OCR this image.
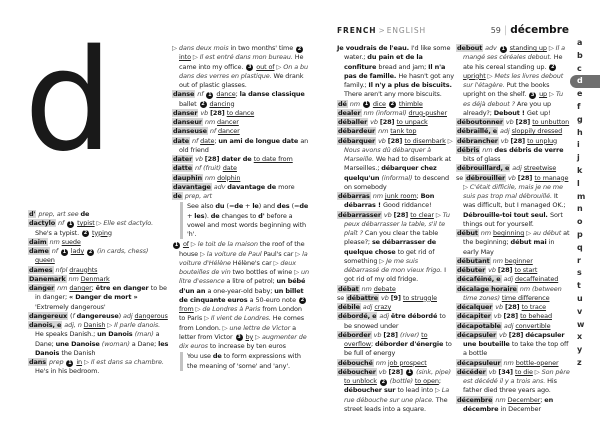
FRENCH > ENGLISH	59 | décembre
d

d' prep, art see de

dactylo nf 1 typist ▷ Elle est dactylo. She's a typist. 2 typing

daim nm suede

dame nf 1 lady 2 (in cards, chess) queen

dames nfpl draughts

Danemark nm Denmark

danger nm danger; être en danger to be in danger; « Danger de mort » 'Extremely dangerous'

dangereux (f dangereuse) adj dangerous

danois, e adj, n Danish ▷ Il parle danois. He speaks Danish.; un Danois (man) a Dane; une Danoise (woman) a Dane; les Danois the Danish

dans prep 1 in ▷ Il est dans sa chambre. He's in his bedroom.

▷ dans deux mois in two months' time 2 into ▷ Il est entré dans mon bureau. He came into my office. 3 out of ▷ On a bu dans des verres en plastique. We drank out of plastic glasses.

danse nf 1 dance; la danse classique ballet 2 dancing

danser vb [28] to dance

danseur nm dancer

danseuse nf dancer

date nf date; un ami de longue date an old friend

dater vb [28] dater de to date from

datte nf (fruit) date

dauphin nm dolphin

davantage adv davantage de more

de prep, art

See also du (=de + le) and des (=de + les). de changes to d' before a vowel and most words beginning with 'h'.

1 of ▷ le toit de la maison the roof of the house ▷ la voiture de Paul Paul's car ▷ la voiture d'Hélène Hélène's car ▷ deux bouteilles de vin two bottles of wine ▷ un litre d'essence a litre of petrol; un bébé d'un an a one-year-old baby; un billet de cinquante euros a 50-euro note 2 from ▷ de Londres à Paris from London to Paris ▷ Il vient de Londres. He comes from London. ▷ une lettre de Victor a letter from Victor 3 by ▷ augmenter de dix euros to increase by ten euros

You use de to form expressions with the meaning of 'some' and 'any'.

Je voudrais de l'eau. I'd like some water.; du pain et de la confiture bread and jam; Il n'a pas de famille. He hasn't got any family.; Il n'y a plus de biscuits. There aren't any more biscuits.

dé nm 1 dice 2 thimble

dealer nm (informal) drug-pusher

déballer vb [28] to unpack

débardeur nm tank top

débarquer vb [28] to disembark ▷ Nous avons dû débarquer à Marseille. We had to disembark at Marseilles.; débarquer chez quelqu'un (informal) to descend on somebody

débarras nm junk room; Bon débarras ! Good riddance!

débarrasser vb [28] to clear ▷ Tu peux débarrasser la table, s'il te plaît ? Can you clear the table please?; se débarrasser de quelque chose to get rid of something ▷ Je me suis débarrassé de mon vieux frigo. I got rid of my old fridge.

débat nm debate

se débattre vb [9] to struggle

débile adj crazy

débordé, e adj être débordé to be snowed under

déborder vb [28] (river) to overflow; déborder d'énergie to be full of energy

débouché nm job prospect

déboucher vb [28] 1 (sink, pipe) to unblock 2 (bottle) to open; déboucher sur to lead into ▷ La rue débouche sur une place. The street leads into a square.

debout adv 1 standing up ▷ Il a mangé ses céréales debout. He ate his cereal standing up. 2 upright ▷ Mets les livres debout sur l'étagère. Put the books upright on the shelf. 3 up ▷ Tu es déjà debout ? Are you up already?; Debout ! Get up!

déboutonner vb [28] to unbutton

débraillé, e adj sloppily dressed

débrancher vb [28] to unplug

débris nm des débris de verre bits of glass

débrouillard, e adj streetwise

se débrouiller vb [28] to manage ▷ C'était difficile, mais je ne me suis pas trop mal débrouillé. It was difficult, but I managed OK.; Débrouille-toi tout seul. Sort things out for yourself.

début nm beginning ▷ au début at the beginning; début mai in early May

débutant nm beginner

débuter vb [28] to start

décaféiné, e adj decaffeinated

décalage horaire nm (between time zones) time difference

décalquer vb [28] to trace

décapiter vb [28] to behead

décapotable adj convertible

décapsuler vb [28] décapsuler une bouteille to take the top off a bottle

décapsuleur nm bottle-opener

décéder vb [34] to die ▷ Son père est décédé il y a trois ans. His father died three years ago.

décembre nm December; en décembre in December

a
b
c
d
e
f
g
h
i
j
k
l
m
n
o
p
q
r
s
t
u
v
w
x
y
z
